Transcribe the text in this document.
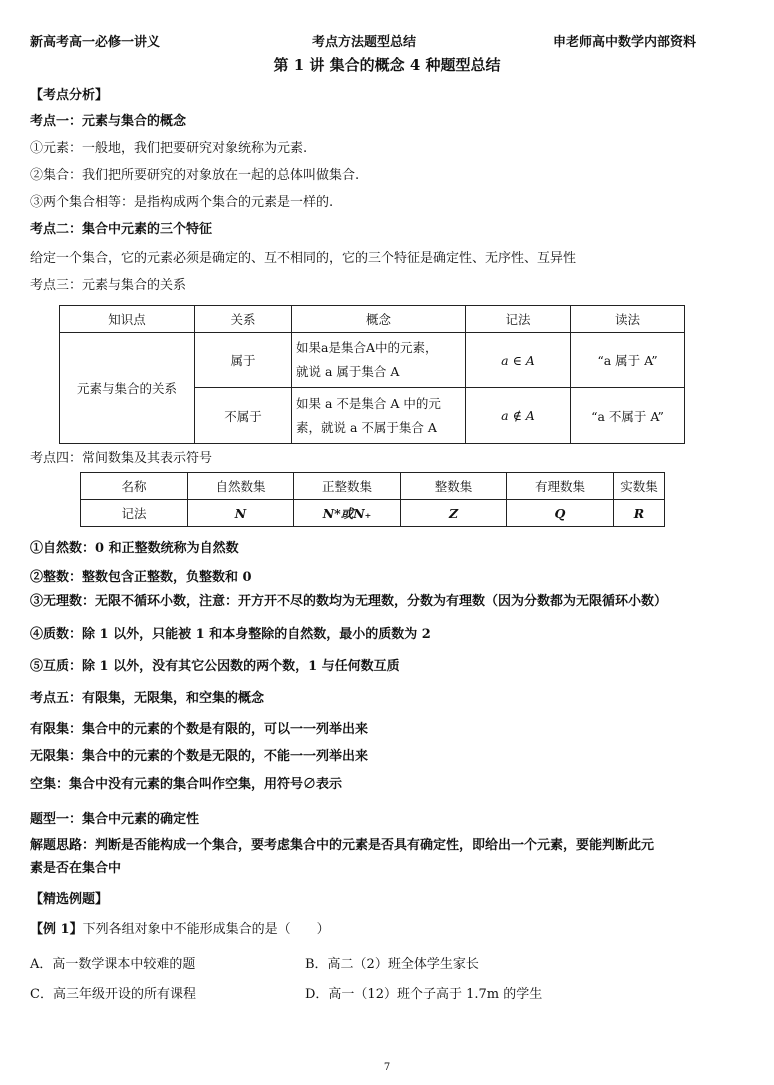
新高考高一必修一讲义	考点方法题型总结	申老师高中数学内部资料
第 1 讲 集合的概念 4 种题型总结
【考点分析】
考点一：元素与集合的概念
①元素：一般地，我们把要研究对象统称为元素.
②集合：我们把所要研究的对象放在一起的总体叫做集合.
③两个集合相等：是指构成两个集合的元素是一样的.
考点二：集合中元素的三个特征
给定一个集合，它的元素必须是确定的、互不相同的，它的三个特征是确定性、无序性、互异性
考点三：元素与集合的关系
知识点	关系	概念	记法	读法
元素与集合的关系	属于	如果a是集合A中的元素，
就说 a 属于集合 A	a ∈ A	“a 属于 A”
	不属于	如果 a 不是集合 A 中的元
素，就说 a 不属于集合 A	a ∉ A	“a 不属于 A”
考点四：常间数集及其表示符号
名称	自然数集	正整数集	整数集	有理数集	实数集
记法	N	N*或N₊	Z	Q	R
①自然数：0 和正整数统称为自然数
②整数：整数包含正整数，负整数和 0
③无理数：无限不循环小数，注意：开方开不尽的数均为无理数，分数为有理数（因为分数都为无限循环小数）
④质数：除 1 以外，只能被 1 和本身整除的自然数，最小的质数为 2
⑤互质：除 1 以外，没有其它公因数的两个数，1 与任何数互质
考点五：有限集，无限集，和空集的概念
有限集：集合中的元素的个数是有限的，可以一一列举出来
无限集：集合中的元素的个数是无限的，不能一一列举出来
空集：集合中没有元素的集合叫作空集，用符号∅表示
题型一：集合中元素的确定性
解题思路：判断是否能构成一个集合，要考虑集合中的元素是否具有确定性，即给出一个元素，要能判断此元
素是否在集合中
【精选例题】
【例 1】下列各组对象中不能形成集合的是（　　）
A．高一数学课本中较难的题	B．高二（2）班全体学生家长
C．高三年级开设的所有课程	D．高一（12）班个子高于 1.7m 的学生
7
